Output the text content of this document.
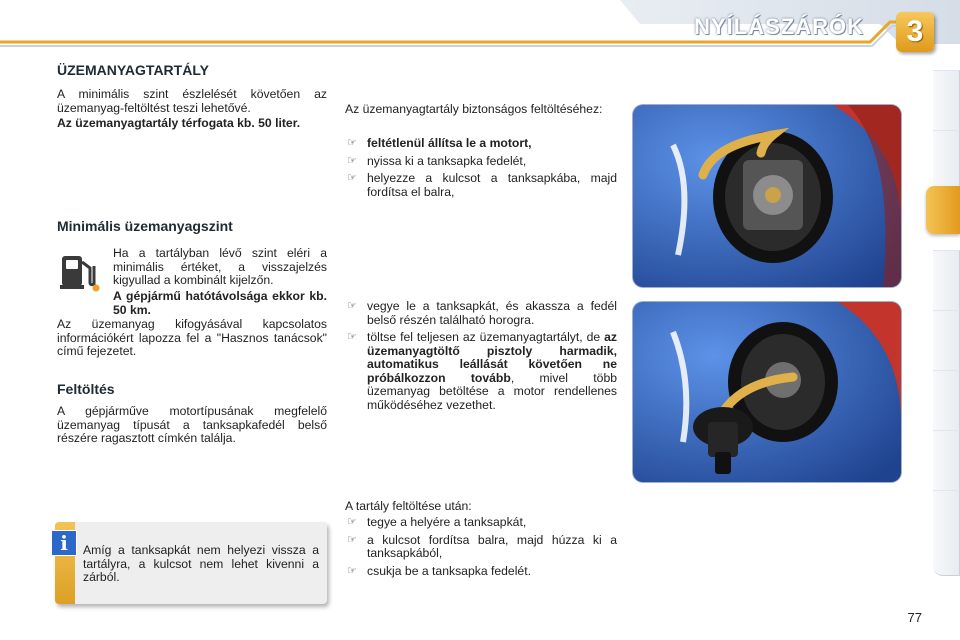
NYÍLÁSZÁRÓK	3
ÜZEMANYAGTARTÁLY

A minimális szint észlelését követően az üzemanyag-feltöltést teszi lehetővé.

Az üzemanyagtartály térfogata kb. 50 liter.

Minimális üzemanyagszint

Ha a tartályban lévő szint eléri a minimális értéket, a visszajelzés kigyullad a kombinált kijelzőn.

A gépjármű hatótávolsága ekkor kb. 50 km.

Az üzemanyag kifogyásával kapcsolatos információkért lapozza fel a "Hasznos tanácsok" című fejezetet.

Feltöltés

A gépjárműve motortípusának megfelelő üzemanyag típusát a tanksapkafedél belső részére ragasztott címkén találja.

i	Amíg a tanksapkát nem helyezi vissza a tartályra, a kulcsot nem lehet kivenni a zárból.

Az üzemanyagtartály biztonságos feltöltéséhez:

☞ feltétlenül állítsa le a motort,
☞ nyissa ki a tanksapka fedelét,
☞ helyezze a kulcsot a tanksapkába, majd fordítsa el balra,
☞ vegye le a tanksapkát, és akassza a fedél belső részén található horogra.
☞ töltse fel teljesen az üzemanyagtartályt, de az üzemanyagtöltő pisztoly harmadik, automatikus leállását követően ne próbálkozzon tovább, mivel több üzemanyag betöltése a motor rendellenes működéséhez vezethet.

A tartály feltöltése után:

☞ tegye a helyére a tanksapkát,
☞ a kulcsot fordítsa balra, majd húzza ki a tanksapkából,
☞ csukja be a tanksapka fedelét.
77
